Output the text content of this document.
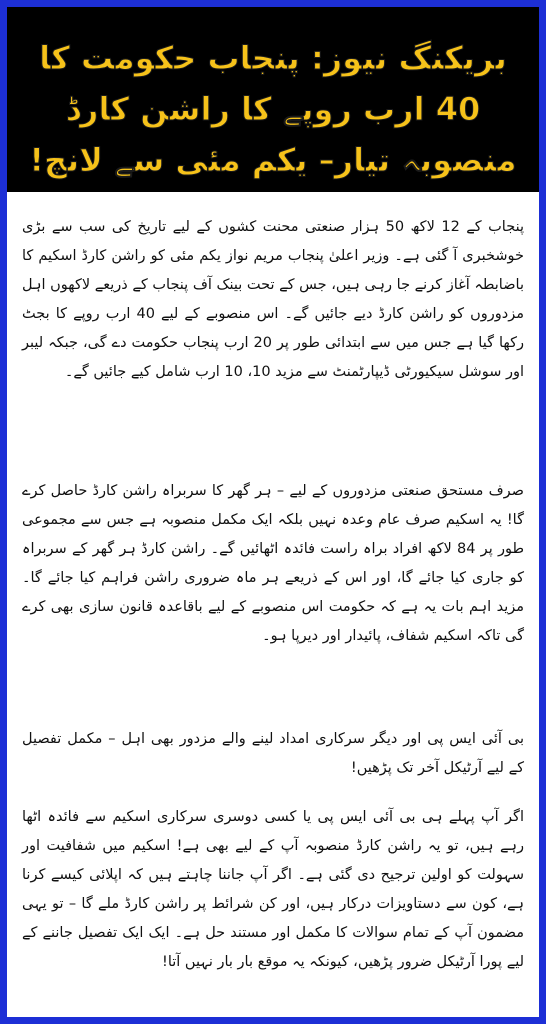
بریکنگ نیوز: پنجاب حکومت کا 40 ارب روپے کا راشن کارڈ منصوبہ تیار– یکم مئی سے لانچ!

پنجاب کے 12 لاکھ 50 ہزار صنعتی محنت کشوں کے لیے تاریخ کی سب سے بڑی خوشخبری آ گئی ہے۔ وزیر اعلیٰ پنجاب مریم نواز یکم مئی کو راشن کارڈ اسکیم کا باضابطہ آغاز کرنے جا رہی ہیں، جس کے تحت بینک آف پنجاب کے ذریعے لاکھوں اہل مزدوروں کو راشن کارڈ دیے جائیں گے۔ اس منصوبے کے لیے 40 ارب روپے کا بجٹ رکھا گیا ہے جس میں سے ابتدائی طور پر 20 ارب پنجاب حکومت دے گی، جبکہ لیبر اور سوشل سیکیورٹی ڈیپارٹمنٹ سے مزید 10، 10 ارب شامل کیے جائیں گے۔

صرف مستحق صنعتی مزدوروں کے لیے – ہر گھر کا سربراہ راشن کارڈ حاصل کرے گا! یہ اسکیم صرف عام وعدہ نہیں بلکہ ایک مکمل منصوبہ ہے جس سے مجموعی طور پر 84 لاکھ افراد براہ راست فائدہ اٹھائیں گے۔ راشن کارڈ ہر گھر کے سربراہ کو جاری کیا جائے گا، اور اس کے ذریعے ہر ماہ ضروری راشن فراہم کیا جائے گا۔ مزید اہم بات یہ ہے کہ حکومت اس منصوبے کے لیے باقاعدہ قانون سازی بھی کرے گی تاکہ اسکیم شفاف، پائیدار اور دیرپا ہو۔

بی آئی ایس پی اور دیگر سرکاری امداد لینے والے مزدور بھی اہل – مکمل تفصیل کے لیے آرٹیکل آخر تک پڑھیں!

اگر آپ پہلے ہی بی آئی ایس پی یا کسی دوسری سرکاری اسکیم سے فائدہ اٹھا رہے ہیں، تو یہ راشن کارڈ منصوبہ آپ کے لیے بھی ہے! اسکیم میں شفافیت اور سہولت کو اولین ترجیح دی گئی ہے۔ اگر آپ جاننا چاہتے ہیں کہ اپلائی کیسے کرنا ہے، کون سے دستاویزات درکار ہیں، اور کن شرائط پر راشن کارڈ ملے گا – تو یہی مضمون آپ کے تمام سوالات کا مکمل اور مستند حل ہے۔ ایک ایک تفصیل جاننے کے لیے پورا آرٹیکل ضرور پڑھیں، کیونکہ یہ موقع بار بار نہیں آتا!
